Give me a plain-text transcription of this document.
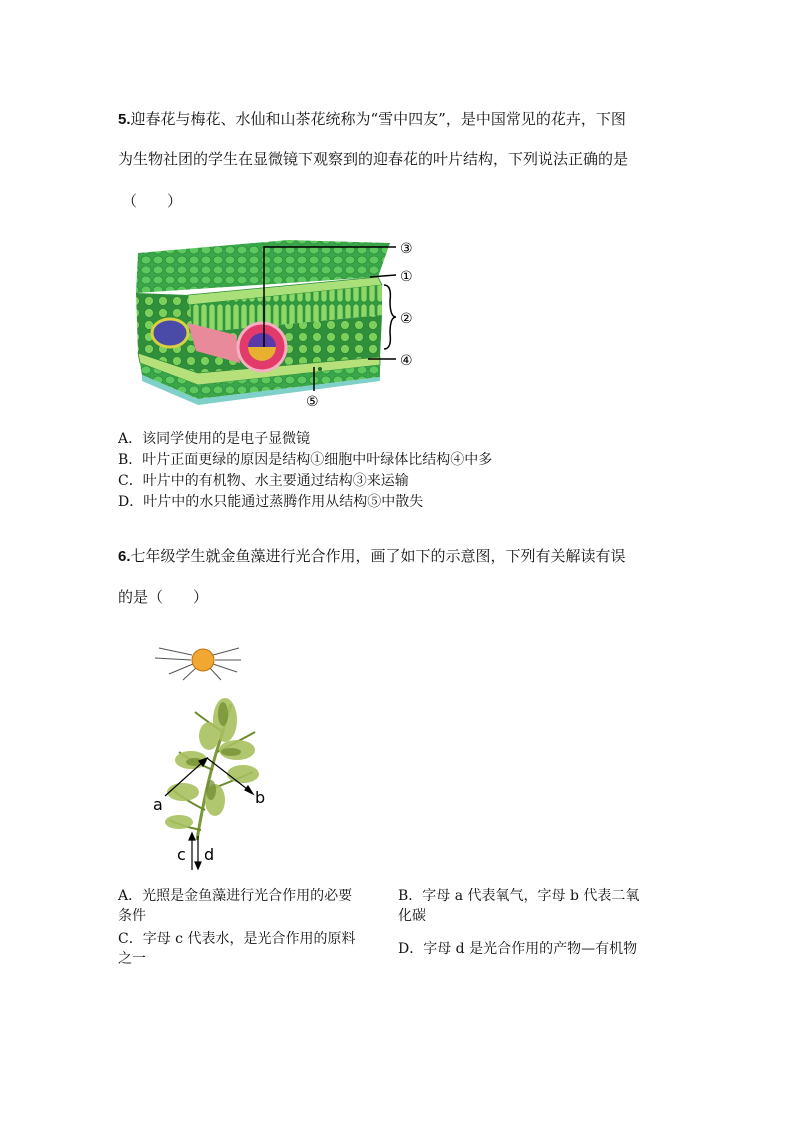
5.迎春花与梅花、水仙和山茶花统称为“雪中四友”，是中国常见的花卉，下图
为生物社团的学生在显微镜下观察到的迎春花的叶片结构，下列说法正确的是
（　　）
③
①
②
④
⑤
A．该同学使用的是电子显微镜
B．叶片正面更绿的原因是结构①细胞中叶绿体比结构④中多
C．叶片中的有机物、水主要通过结构③来运输
D．叶片中的水只能通过蒸腾作用从结构⑤中散失
6.七年级学生就金鱼藻进行光合作用，画了如下的示意图，下列有关解读有误
的是（　　）
a	b
c d
A．光照是金鱼藻进行光合作用的必要
条件
B．字母 a 代表氧气，字母 b 代表二氧
化碳
C．字母 c 代表水，是光合作用的原料
之一
D．字母 d 是光合作用的产物—有机物
